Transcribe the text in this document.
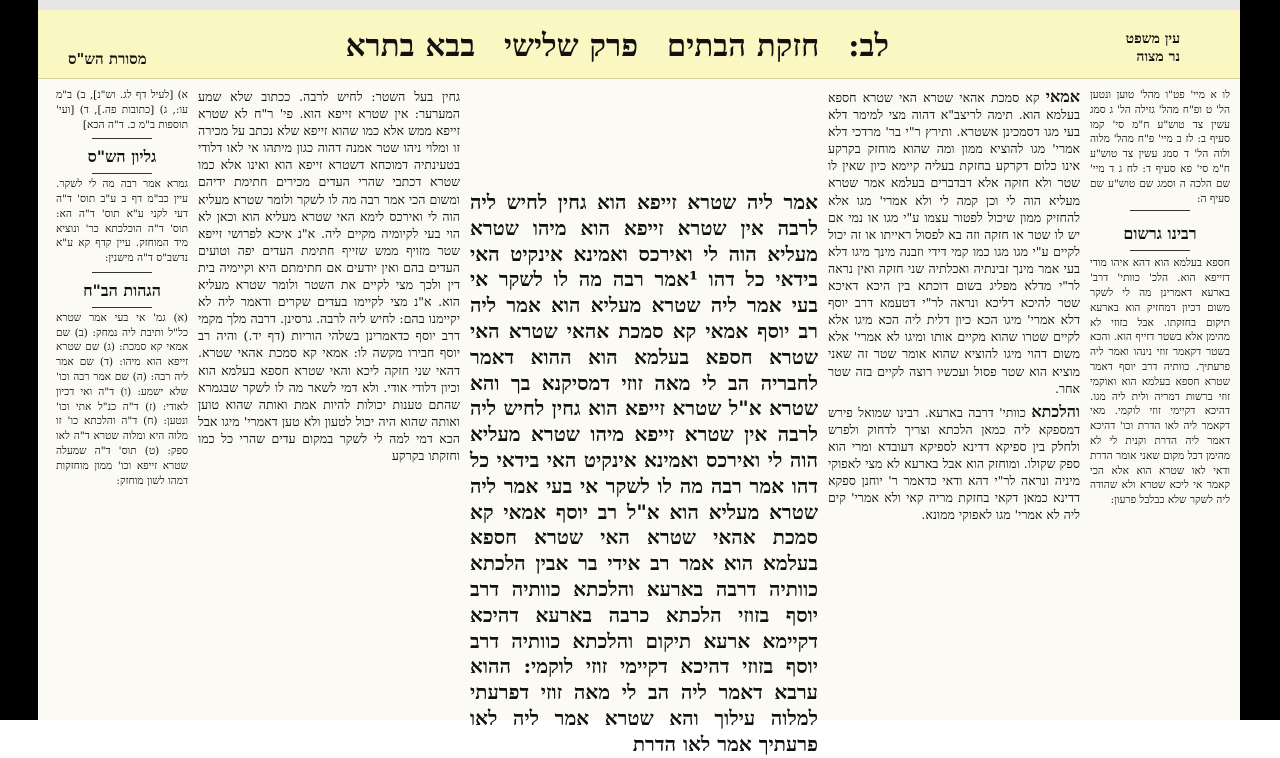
עין משפט
נר מצוה
לב: חזקת הבתים פרק שלישי בבא בתרא
מסורת הש"ס

לו א מיי' פט"ו מהל' טוען ונטען הל' ט ופ"ח מהל' גזילה הל' ג סמג עשין צד טוש"ע ח"מ סי' קמו סעיף ב: לז ב מיי' פ"ח מהל' מלוה ולוה הל' ד סמג עשין צד טוש"ע ח"מ סי' פא סעיף ד: לח ג ד מיי' שם הלכה ה וסמג שם טוש"ע שם סעיף ה:

רבינו גרשום

חספא בעלמא הוא דהא איהו מודי דזייפא הוא. הלכ' כוותי' דרב' בארעא דאמרינן מה לי לשקר משום דכיון דמחזיק הוא בארעא תיקום בחזקתו. אבל בזוזי לא מהימן אלא בשטר דזייף הוא. והכא בשטר דקאמר זוזי נינהו ואמר ליה פרעתיך. כוותיה דרב יוסף דאמר שטרא חספא בעלמא הוא ואוקמי זוזי ברשות דמריה ולית ליה מגו. דהיכא דקיימי זוזי לוקמי. מאי דקאמר ליה לאו הדרת וכו' דהיכא דאמר ליה הדרת וקנית לי לא מהימן דכל מקום שאני אומר הדרת ודאי לאו שטרא הוא אלא הכי קאמר אי ליכא שטרא ולא שהודה ליה לשקר שלא כבלבל פרעון:

אמאי קא סמכת אהאי שטרא האי שטרא חספא בעלמא הוא. תימה לריצב"א דהוה מצי למימר דלא בעי מגו דסמכינן אשטרא. ותירץ ר"י בר' מרדכי דלא אמרי' מגו להוציא ממון ומה שהוא מוחזק בקרקע אינו כלום דקרקע בחזקת בעליה קיימא כיון שאין לו שטר ולא חזקה אלא דבדברים בעלמא אמר שטרא מעליא הוה לי וכן קמה לי ולא אמרי' מגו אלא להחזיק ממון שיכול לפטור עצמו ע"י מגו או נמי אם יש לו שטר או חזקה וזה בא לפסול ראייתו או זה יכול לקיים ע"י מגו מגו כמו קמי דידי וזבנה מינך מיגו דלא בעי אמר מינך זבינתיה ואכלתיה שני חזקה ואין נראה לר"י מדלא מפליג בשום דוכתא בין היכא דאיכא שטר להיכא דליכא ונראה לר"י דטעמא דרב יוסף דלא אמרי' מיגו הכא כיון דלית ליה הכא מיגו אלא לקיים שטרו שהוא מקיים אותו ומיגו לא אמרי' אלא משום דהוי מיגו להוציא שהוא אומר שטר זה שאני מוציא הוא שטר פסול ועכשיו רוצה לקיים בזה שטר אחר.

והלכתא כוותי' דרבה בארעא. רבינו שמואל פירש דמספקא ליה כמאן הלכתא וצריך לדחוק ולפרש ולחלק בין ספיקא דדינא לספיקא דעובדא ומרי הוא ספק שקולו. ומוחזק הוא אבל בארעא לא מצי לאפוקי מיניה ונראה לר"י דהא ודאי כדאמר ר' יוחנן ספקא דדינא כמאן דקאי בחזקת מריה קאי ולא אמרי' קים ליה לא אמרי' מגו לאפוקי ממונא.

אמר ליה שטרא זייפא הוא גחין לחיש ליה לרבה אין שטרא זייפא הוא מיהו שטרא מעליא הוה לי ואירכס ואמינא אינקיט האי בידאי כל דהו ¹אמר רבה מה לו לשקר אי בעי אמר ליה שטרא מעליא הוא אמר ליה רב יוסף אמאי קא סמכת אהאי שטרא האי שטרא חספא בעלמא הוא ההוא דאמר לחבריה הב לי מאה זוזי דמסיקנא בך והא שטרא א"ל שטרא זייפא הוא גחין לחיש ליה לרבה אין שטרא זייפא מיהו שטרא מעליא הוה לי ואירכס ואמינא אינקיט האי בידאי כל דהו אמר רבה מה לו לשקר אי בעי אמר ליה שטרא מעליא הוא א"ל רב יוסף אמאי קא סמכת אהאי שטרא האי שטרא חספא בעלמא הוא אמר רב אידי בר אבין הלכתא כוותיה דרבה בארעא והלכתא כוותיה דרב יוסף בזוזי הלכתא כרבה בארעא דהיכא דקיימא ארעא תיקום והלכתא כוותיה דרב יוסף בזוזי דהיכא דקיימי זוזי לוקמי: ההוא ערבא דאמר ליה הב לי מאה זוזי דפרעתי למלוה עילוך והא שטרא אמר ליה לאו פרעתיך אמר לאו הדרת

גחין בעל השטר: לחיש לרבה. ככתוב שלא שמע המערער: אין שטרא זייפא הוא. פי' ר"ח לא שטרא זייפא ממש אלא כמו שהוא זייפא שלא נכתב על מכירה זו ומלוי ניהו שטר אמנה דהוה כגון מיתהו אי לאו דלודי בטעינתיה דמוכחא דשטרא זייפא הוא ואינו אלא כמו שטרא דכתבי שהרי העדים מכירים חתימת ידיהם ומשום הכי אמר רבה מה לו לשקר ולומר שטרא מעליא הוה לי ואירכס לימא האי שטרא מעליא הוא וכאן לא הוי בעי לקיומיה מקיים ליה. א"נ איכא לפרושי זייפא שטר מזויף ממש שזייף חתימת העדים יפה וטועים העדים בהם ואין יודעים אם חתימתם היא וקיימיה בית דין ולכך מצי לקיים את השטר ולומר שטרא מעליא הוא. א"נ מצי לקיימו בעדים שקרים ודאמר ליה לא יקיימנו בהם: לחיש ליה לרבה. גרסינן. דרבה מלך מקמי דרב יוסף כדאמרינן בשלהי הוריות (דף יד.) והיה רב יוסף חבירו מקשה לו: אמאי קא סמכת אהאי שטרא. דהאי שני חזקה ליכא והאי שטרא חספא בעלמא הוא וכיון דלודי אודי. ולא דמי לשאר מה לו לשקר שבגמרא שהתם טענות יכולות להיות אמת ואותה שהוא טוען ואותה שהוא היה יכול לטעון ולא טען דאמרי' מיגו אבל הכא דמי למה לי לשקר במקום עדים שהרי כל כמו וחזקתו בקרקע

א) [לעיל דף לג. וש"נ], ב) ב"מ עו:, ג) [כתובות פה.], ד) [ועי' תוספות ב"מ כ. ד"ה הכא]

גליון הש"ס

גמרא אמר רבה מה לי לשקר. עיין כב"מ דף ב ע"ב תוס' ד"ה דעי לקני ע"א תוס' ד"ה הא: תוס' ד"ה הוכלכתא כר' ונוציא מיד המוחזק. עיין קדף קא ע"א נדשב"ס ד"ה מישנין:

הגהות הב"ח

(א) גמ' אי בעי אמר שטרא כל"ל ותיבת ליה נמחק: (ב) שם אמאי קא סמכת: (ג) שם שטרא זייפא הוא מיהו: (ד) שם אמר ליה רבה: (ה) שם אמר רבה וכו' שלא ישמע: (ו) ד"ה ואי דכיון לאודי: (ז) ד"ה כנ"ל אתי וכו' ונטען: (ח) ד"ה והלכתא כו' זו מלוה היא ומלוה שטרא ד"ה לאו ספק: (ט) תוס' ד"ה שמעלה שטרא זייפא וכו' ממון מוחזקות דמהו לשון מוחזק:
